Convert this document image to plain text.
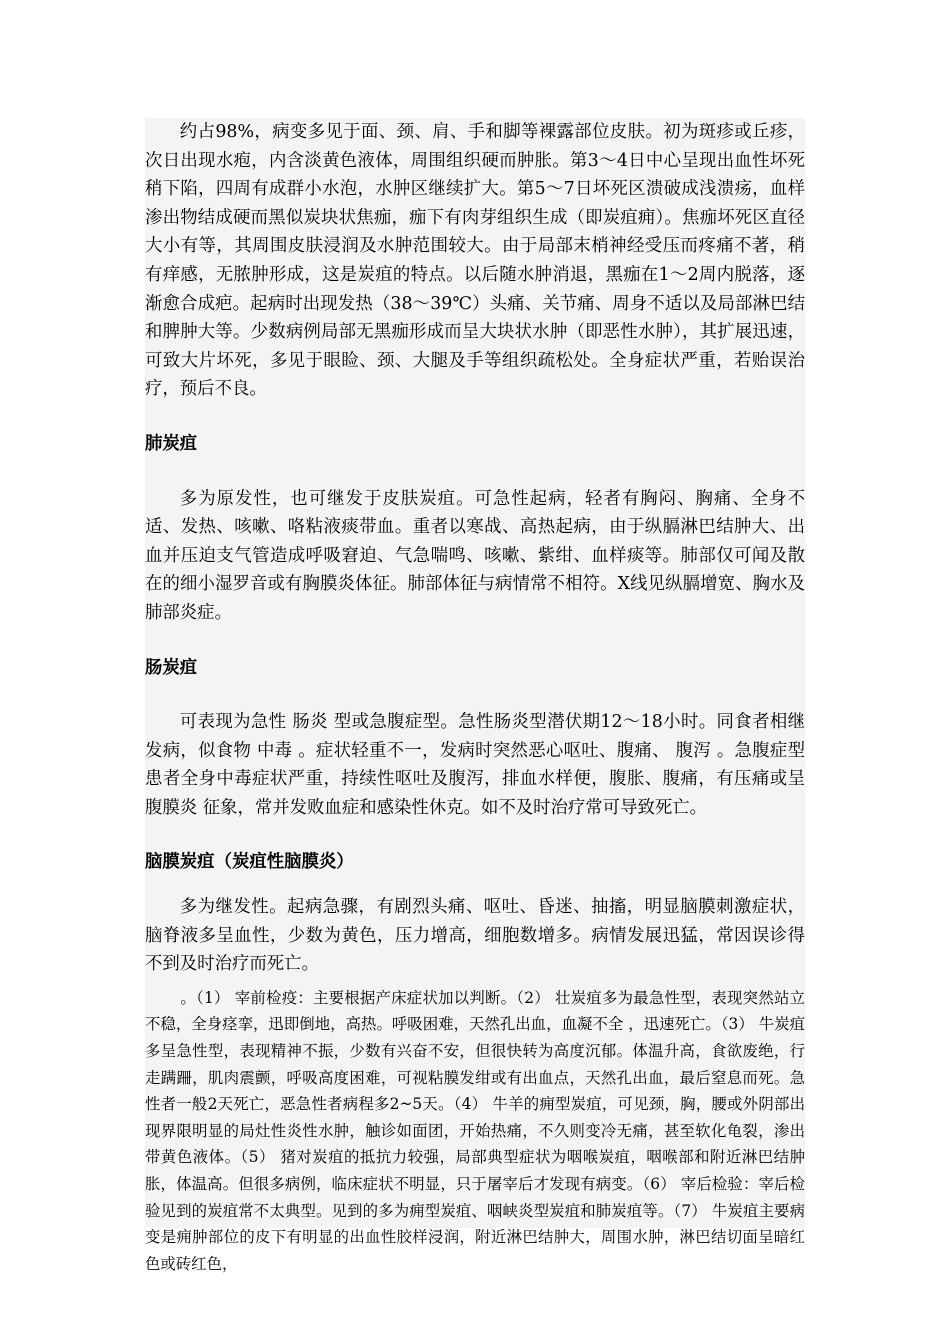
约占98%，病变多见于面、颈、肩、手和脚等裸露部位皮肤。初为斑疹或丘疹，次日出现水疱，内含淡黄色液体，周围组织硬而肿胀。第3～4日中心呈现出血性坏死稍下陷，四周有成群小水泡，水肿区继续扩大。第5～7日坏死区溃破成浅溃疡，血样渗出物结成硬而黑似炭块状焦痂，痂下有肉芽组织生成（即炭疽痈）。焦痂坏死区直径大小有等，其周围皮肤浸润及水肿范围较大。由于局部末梢神经受压而疼痛不著，稍有痒感，无脓肿形成，这是炭疽的特点。以后随水肿消退，黑痂在1～2周内脱落，逐渐愈合成疤。起病时出现发热（38～39℃）头痛、关节痛、周身不适以及局部淋巴结和脾肿大等。少数病例局部无黑痂形成而呈大块状水肿（即恶性水肿），其扩展迅速，可致大片坏死，多见于眼睑、颈、大腿及手等组织疏松处。全身症状严重，若贻误治疗，预后不良。

肺炭疽

多为原发性，也可继发于皮肤炭疽。可急性起病，轻者有胸闷、胸痛、全身不适、发热、咳嗽、咯粘液痰带血。重者以寒战、高热起病，由于纵膈淋巴结肿大、出血并压迫支气管造成呼吸窘迫、气急喘鸣、咳嗽、紫绀、血样痰等。肺部仅可闻及散在的细小湿罗音或有胸膜炎体征。肺部体征与病情常不相符。X线见纵膈增宽、胸水及肺部炎症。

肠炭疽

可表现为急性 肠炎 型或急腹症型。急性肠炎型潜伏期12～18小时。同食者相继发病，似食物 中毒 。症状轻重不一，发病时突然恶心呕吐、腹痛、 腹泻 。急腹症型患者全身中毒症状严重，持续性呕吐及腹泻，排血水样便，腹胀、腹痛，有压痛或呈 腹膜炎 征象，常并发败血症和感染性休克。如不及时治疗常可导致死亡。

脑膜炭疽（炭疽性脑膜炎）

多为继发性。起病急骤，有剧烈头痛、呕吐、昏迷、抽搐，明显脑膜刺激症状，脑脊液多呈血性，少数为黄色，压力增高，细胞数增多。病情发展迅猛，常因误诊得不到及时治疗而死亡。

。（1） 宰前检疫：主要根据产床症状加以判断。（2） 壮炭疽多为最急性型，表现突然站立不稳，全身痉挛，迅即倒地，高热。呼吸困难，天然孔出血，血凝不全 ，迅速死亡。（3） 牛炭疽多呈急性型，表现精神不振，少数有兴奋不安，但很快转为高度沉郁。体温升高，食欲废绝，行走蹒跚，肌肉震颤，呼吸高度困难，可视粘膜发绀或有出血点，天然孔出血，最后窒息而死。急性者一般2天死亡，恶急性者病程多2~5天。（4） 牛羊的痈型炭疽，可见颈，胸，腰或外阴部出现界限明显的局灶性炎性水肿，触诊如面团，开始热痛，不久则变冷无痛，甚至软化龟裂，渗出带黄色液体。（5） 猪对炭疽的抵抗力较强，局部典型症状为咽喉炭疽，咽喉部和附近淋巴结肿胀，体温高。但很多病例，临床症状不明显，只于屠宰后才发现有病变。（6） 宰后检验：宰后检验见到的炭疽常不太典型。见到的多为痈型炭疽、咽峡炎型炭疽和肺炭疽等。（7） 牛炭疽主要病变是痈肿部位的皮下有明显的出血性胶样浸润，附近淋巴结肿大，周围水肿，淋巴结切面呈暗红色或砖红色，
